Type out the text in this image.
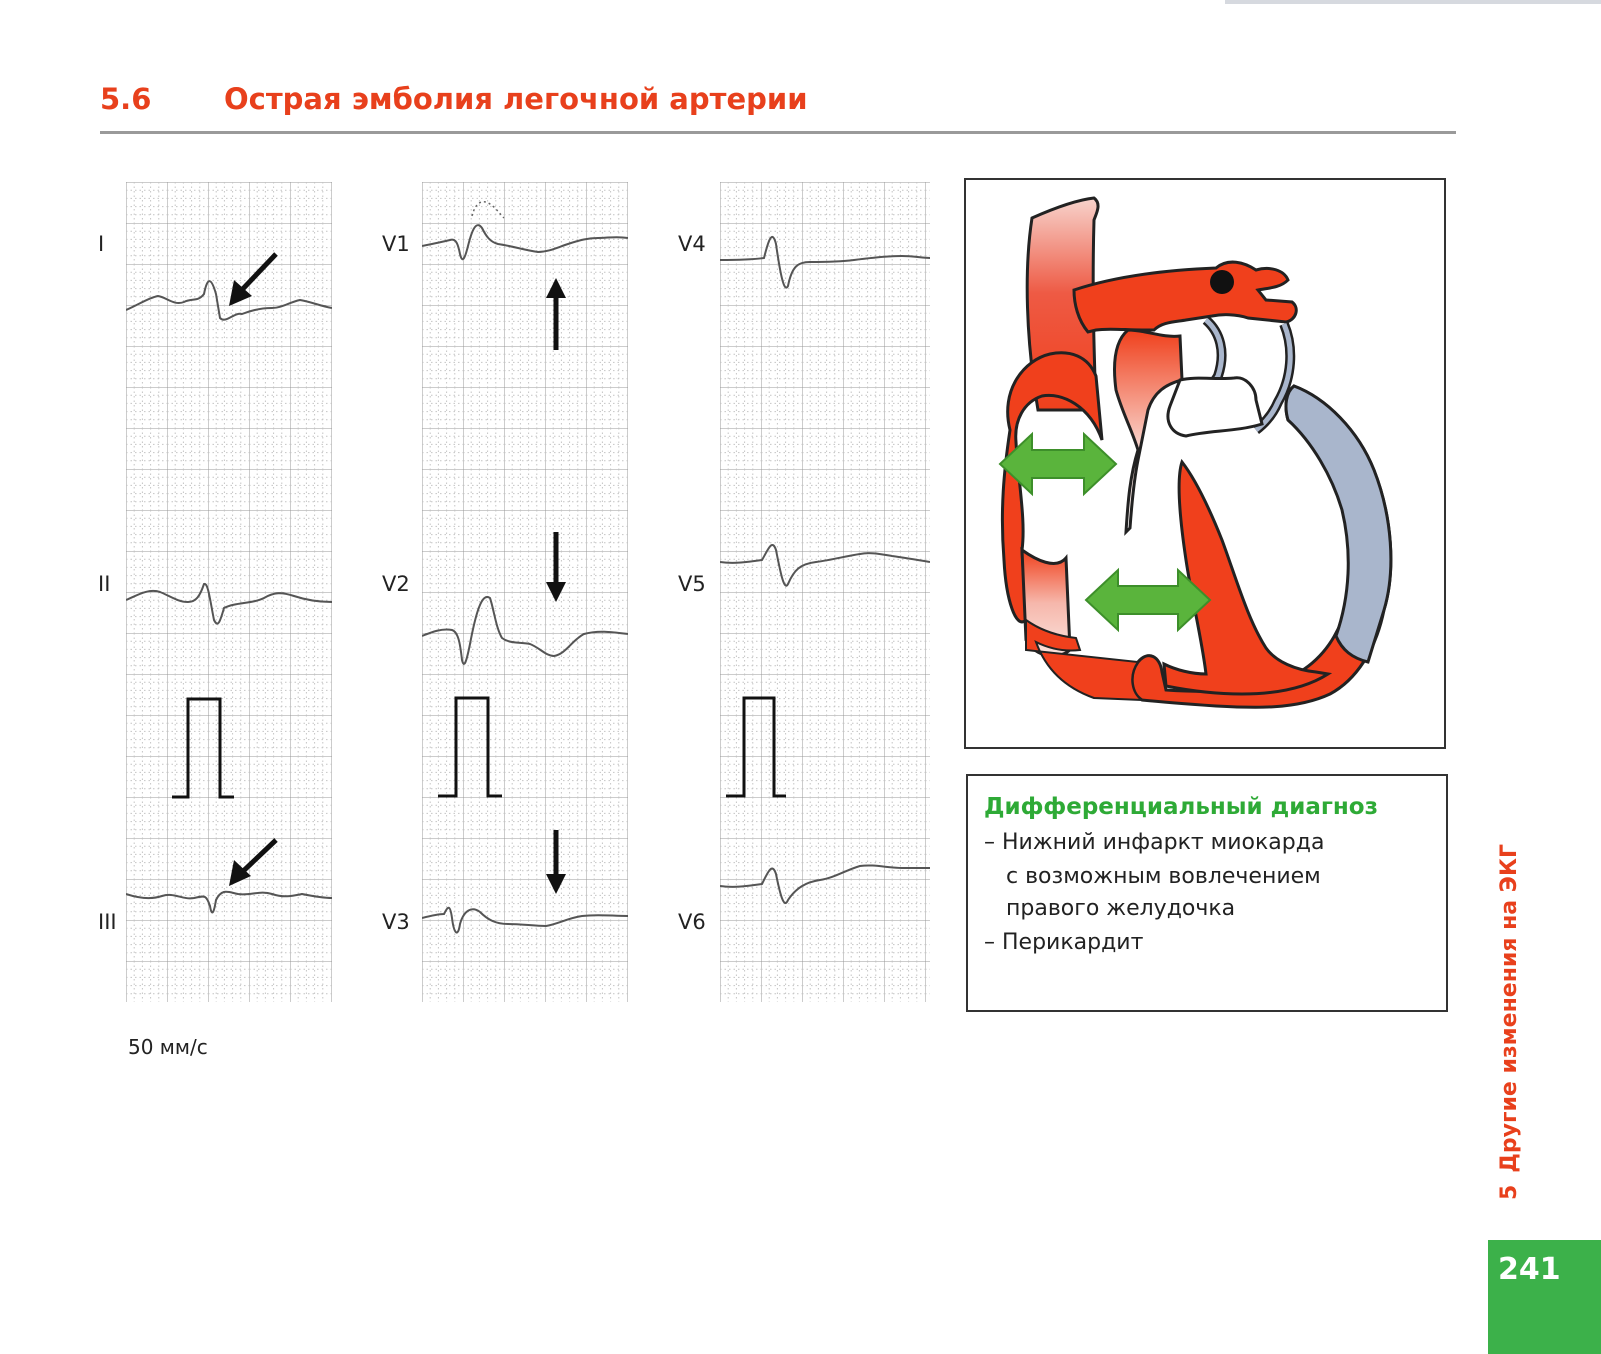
5.6	Острая эмболия легочной артерии
I
II
III
V1
V2
V3
V4
V5
V6
50 мм/с
Дифференциальный диагноз
– Нижний инфаркт миокарда
с возможным вовлечением
правого желудочка
– Перикардит
5Другие изменения на ЭКГ
241
